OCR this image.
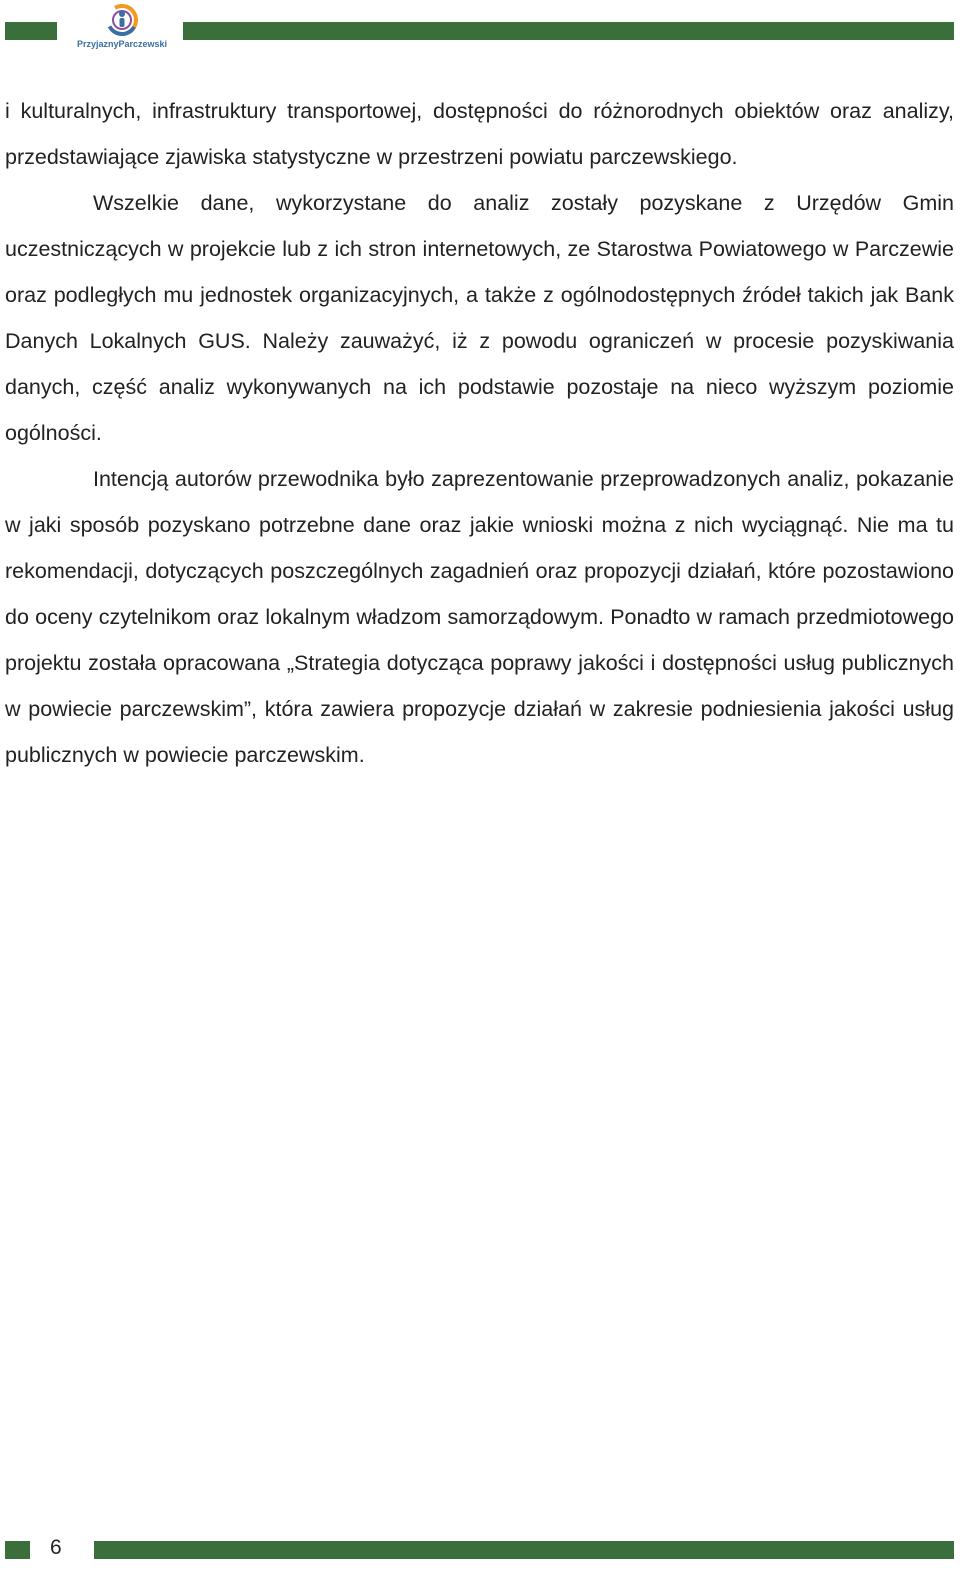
PrzyjaznyParczewski

i kulturalnych, infrastruktury transportowej, dostępności do różnorodnych obiektów oraz analizy, przedstawiające zjawiska statystyczne w przestrzeni powiatu parczewskiego.

Wszelkie dane, wykorzystane do analiz zostały pozyskane z Urzędów Gmin uczestniczących w projekcie lub z ich stron internetowych, ze Starostwa Powiatowego w Parczewie oraz podległych mu jednostek organizacyjnych, a także z ogólnodostępnych źródeł takich jak Bank Danych Lokalnych GUS. Należy zauważyć, iż z powodu ograniczeń w procesie pozyskiwania danych, część analiz wykonywanych na ich podstawie pozostaje na nieco wyższym poziomie ogólności.

Intencją autorów przewodnika było zaprezentowanie przeprowadzonych analiz, pokazanie w jaki sposób pozyskano potrzebne dane oraz jakie wnioski można z nich wyciągnąć. Nie ma tu rekomendacji, dotyczących poszczególnych zagadnień oraz propozycji działań, które pozostawiono do oceny czytelnikom oraz lokalnym władzom samorządowym. Ponadto w ramach przedmiotowego projektu została opracowana „Strategia dotycząca poprawy jakości i dostępności usług publicznych w powiecie parczewskim”, która zawiera propozycje działań w zakresie podniesienia jakości usług publicznych w powiecie parczewskim.

6
